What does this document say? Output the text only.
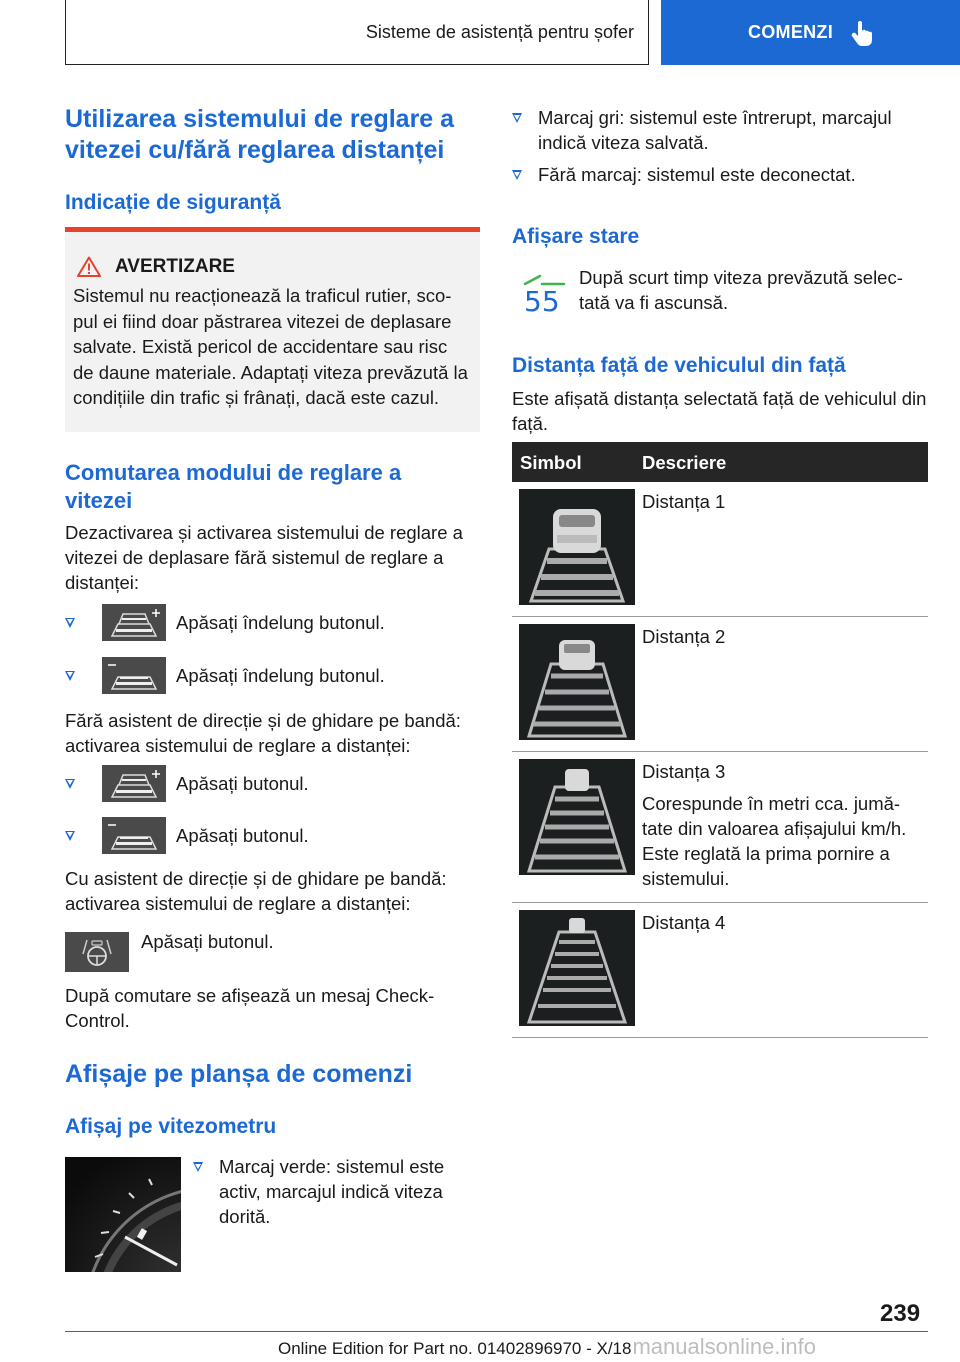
Sisteme de asistență pentru șofer	COMENZI
Utilizarea sistemului de reglare a vitezei cu/fără reglarea distanței
Indicație de siguranță
AVERTIZARE

Sistemul nu reacționează la traficul rutier, sco- pul ei fiind doar păstrarea vitezei de deplasare salvate. Există pericol de accidentare sau risc de daune materiale. Adaptați viteza prevăzută la condițiile din trafic și frânați, dacă este cazul.

Comutarea modului de reglare a vitezei
Dezactivarea și activarea sistemului de reglare a vitezei de deplasare fără sistemul de reglare a distanței:
Apăsați îndelung butonul.
Apăsați îndelung butonul.
Fără asistent de direcție și de ghidare pe bandă: activarea sistemului de reglare a distanței:
Apăsați butonul.
Apăsați butonul.
Cu asistent de direcție și de ghidare pe bandă: activarea sistemului de reglare a distanței:
Apăsați butonul.
După comutare se afișează un mesaj Check- Control.
Afișaje pe planșa de comenzi
Afișaj pe vitezometru
Marcaj verde: sistemul este activ, marcajul indică viteza dorită.
Marcaj gri: sistemul este întrerupt, marcajul indică viteza salvată.
Fără marcaj: sistemul este deconectat.
Afișare stare
55
După scurt timp viteza prevăzută selec- tată va fi ascunsă.
Distanța față de vehiculul din față
Este afișată distanța selectată față de vehiculul din față.
Simbol	Descriere

Distanța 1

Distanța 2

Distanța 3
Corespunde în metri cca. jumă- tate din valoarea afișajului km/h. Este reglată la prima pornire a sistemului.

Distanța 4
239
Online Edition for Part no. 01402896970 - X/18manualsonline.info
